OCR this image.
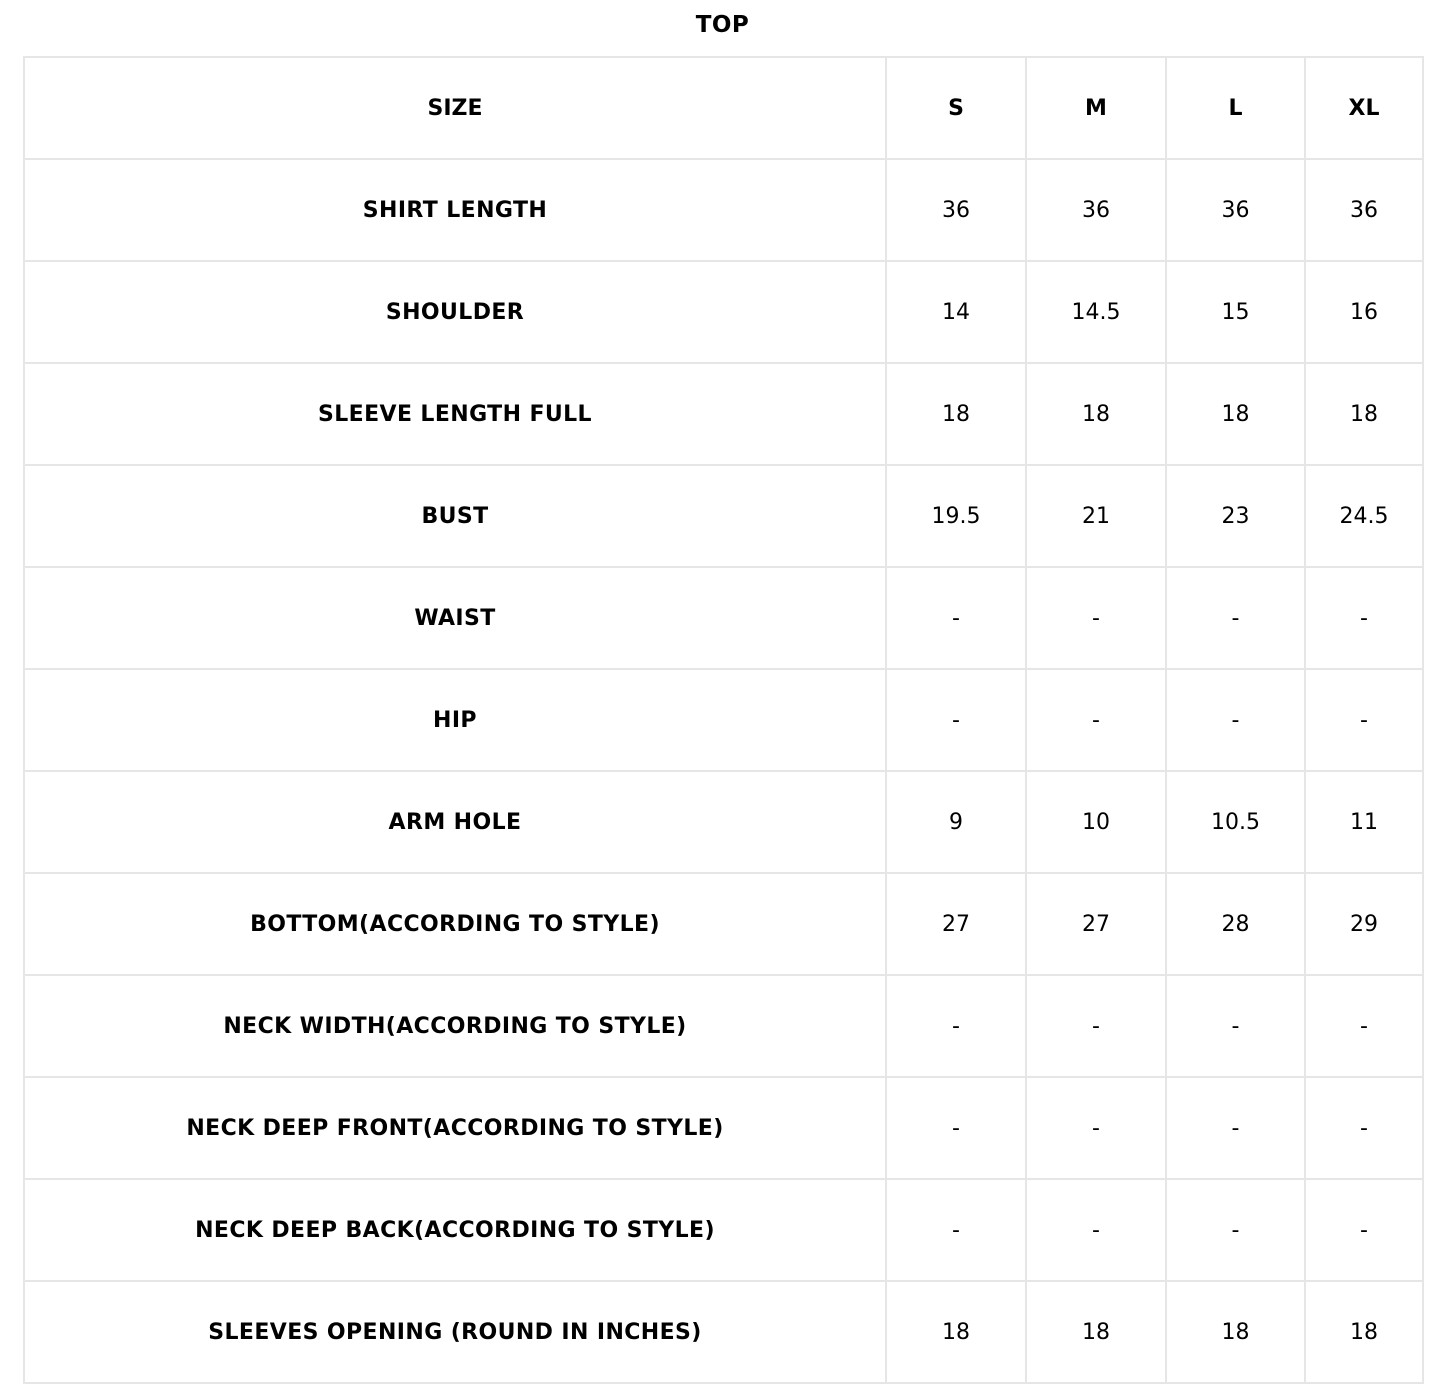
TOP
SIZE	S	M	L	XL
SHIRT LENGTH	36	36	36	36
SHOULDER	14	14.5	15	16
SLEEVE LENGTH FULL	18	18	18	18
BUST	19.5	21	23	24.5
WAIST	-	-	-	-
HIP	-	-	-	-
ARM HOLE	9	10	10.5	11
BOTTOM(ACCORDING TO STYLE)	27	27	28	29
NECK WIDTH(ACCORDING TO STYLE)	-	-	-	-
NECK DEEP FRONT(ACCORDING TO STYLE)	-	-	-	-
NECK DEEP BACK(ACCORDING TO STYLE)	-	-	-	-
SLEEVES OPENING (ROUND IN INCHES)	18	18	18	18
